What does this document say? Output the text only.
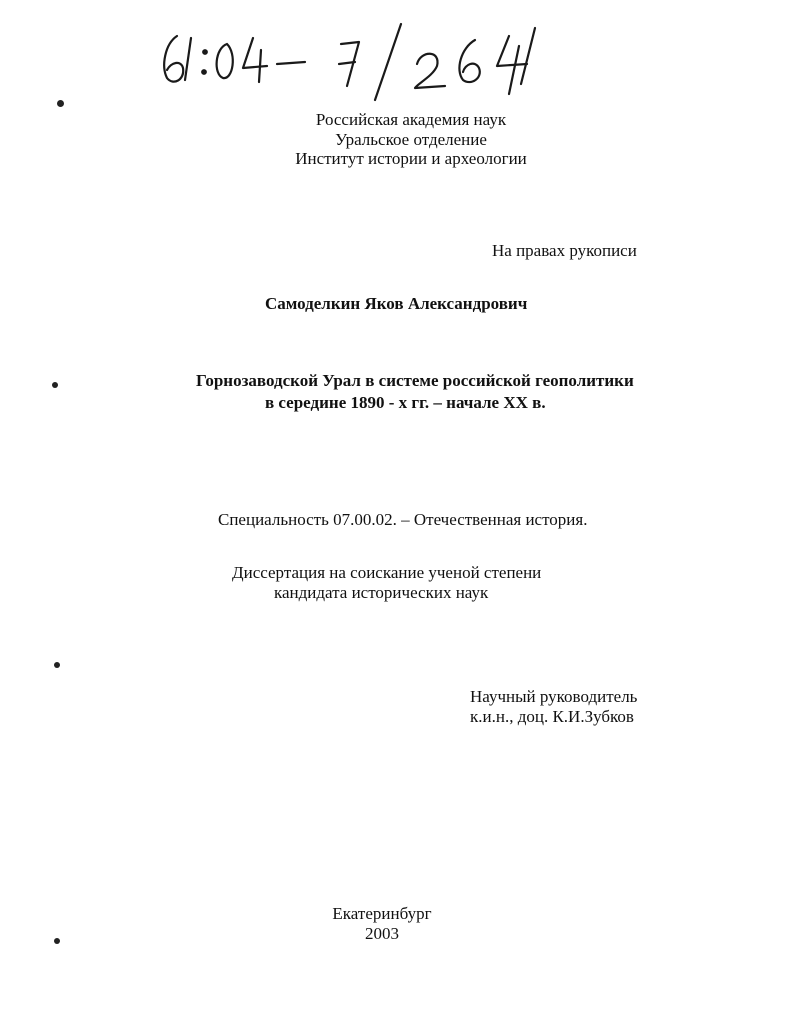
Российская академия наук

Уральское отделение

Институт истории и археологии

На правах рукописи

Самоделкин Яков Александрович

Горнозаводской Урал в системе российской геополитики

в середине 1890 - х гг. – начале XX в.

Специальность 07.00.02. – Отечественная история.

Диссертация на соискание ученой степени

кандидата исторических наук

Научный руководитель

к.и.н., доц. К.И.Зубков

Екатеринбург

2003
